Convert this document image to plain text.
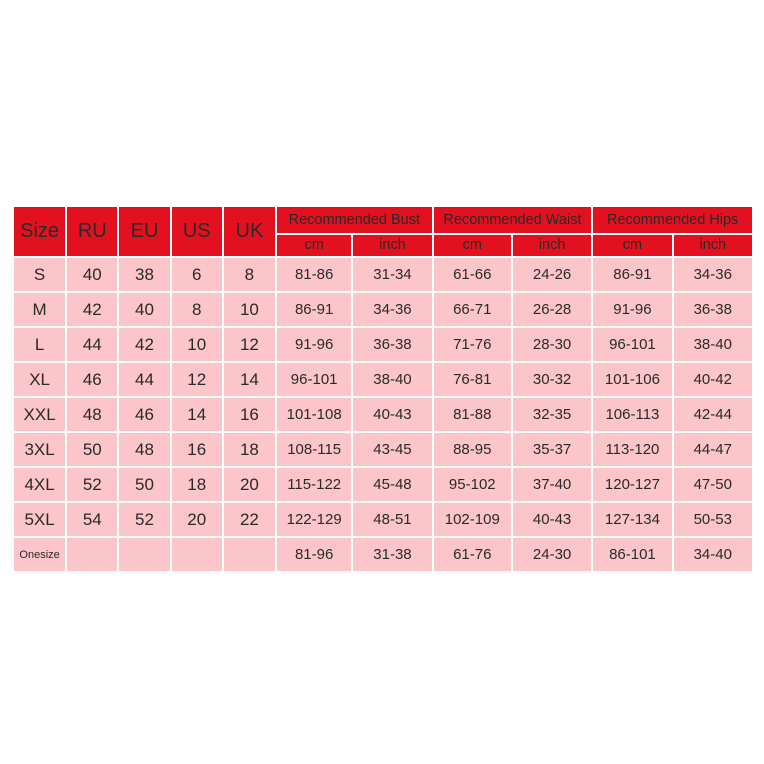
Size	RU	EU	US	UK	Recommended Bust		Recommended Waist		Recommended Hips	
					cm	inch	cm	inch	cm	inch
S	40	38	6	8	81-86	31-34	61-66	24-26	86-91	34-36
M	42	40	8	10	86-91	34-36	66-71	26-28	91-96	36-38
L	44	42	10	12	91-96	36-38	71-76	28-30	96-101	38-40
XL	46	44	12	14	96-101	38-40	76-81	30-32	101-106	40-42
XXL	48	46	14	16	101-108	40-43	81-88	32-35	106-113	42-44
3XL	50	48	16	18	108-115	43-45	88-95	35-37	113-120	44-47
4XL	52	50	18	20	115-122	45-48	95-102	37-40	120-127	47-50
5XL	54	52	20	22	122-129	48-51	102-109	40-43	127-134	50-53
Onesize					81-96	31-38	61-76	24-30	86-101	34-40
